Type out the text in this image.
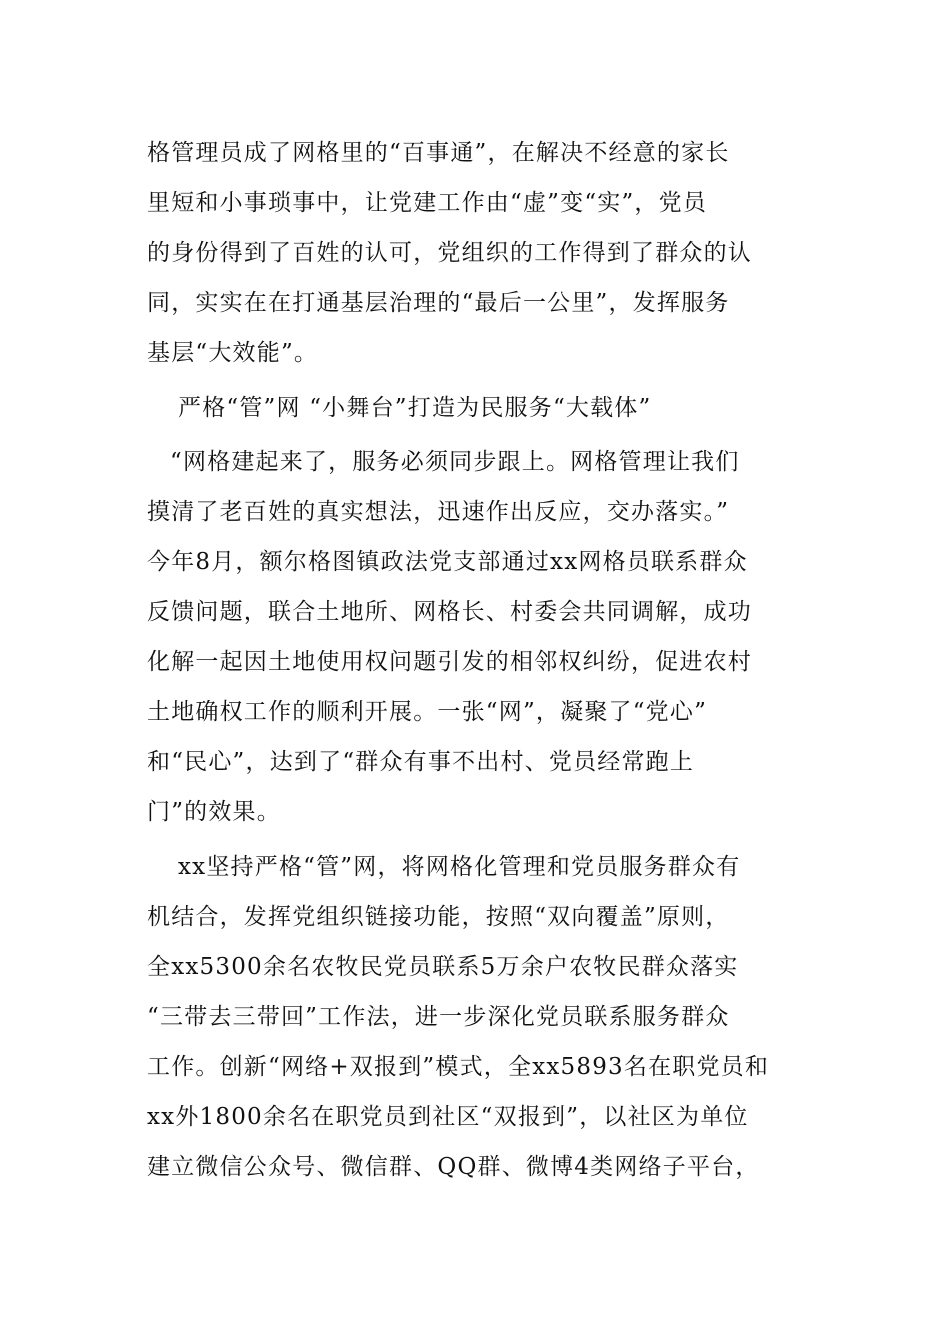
格管理员成了网格里的“百事通”，在解决不经意的家长

里短和小事琐事中，让党建工作由“虚”变“实”，党员

的身份得到了百姓的认可，党组织的工作得到了群众的认

同，实实在在打通基层治理的“最后一公里”，发挥服务

基层“大效能”。

严格“管”网 “小舞台”打造为民服务“大载体”

“网格建起来了，服务必须同步跟上。网格管理让我们

摸清了老百姓的真实想法，迅速作出反应，交办落实。”

今年8月，额尔格图镇政法党支部通过xx网格员联系群众

反馈问题，联合土地所、网格长、村委会共同调解，成功

化解一起因土地使用权问题引发的相邻权纠纷，促进农村

土地确权工作的顺利开展。一张“网”，凝聚了“党心”

和“民心”，达到了“群众有事不出村、党员经常跑上

门”的效果。

xx坚持严格“管”网，将网格化管理和党员服务群众有

机结合，发挥党组织链接功能，按照“双向覆盖”原则，

全xx5300余名农牧民党员联系5万余户农牧民群众落实

“三带去三带回”工作法，进一步深化党员联系服务群众

工作。创新“网络+双报到”模式，全xx5893名在职党员和

xx外1800余名在职党员到社区“双报到”，以社区为单位

建立微信公众号、微信群、QQ群、微博4类网络子平台，
